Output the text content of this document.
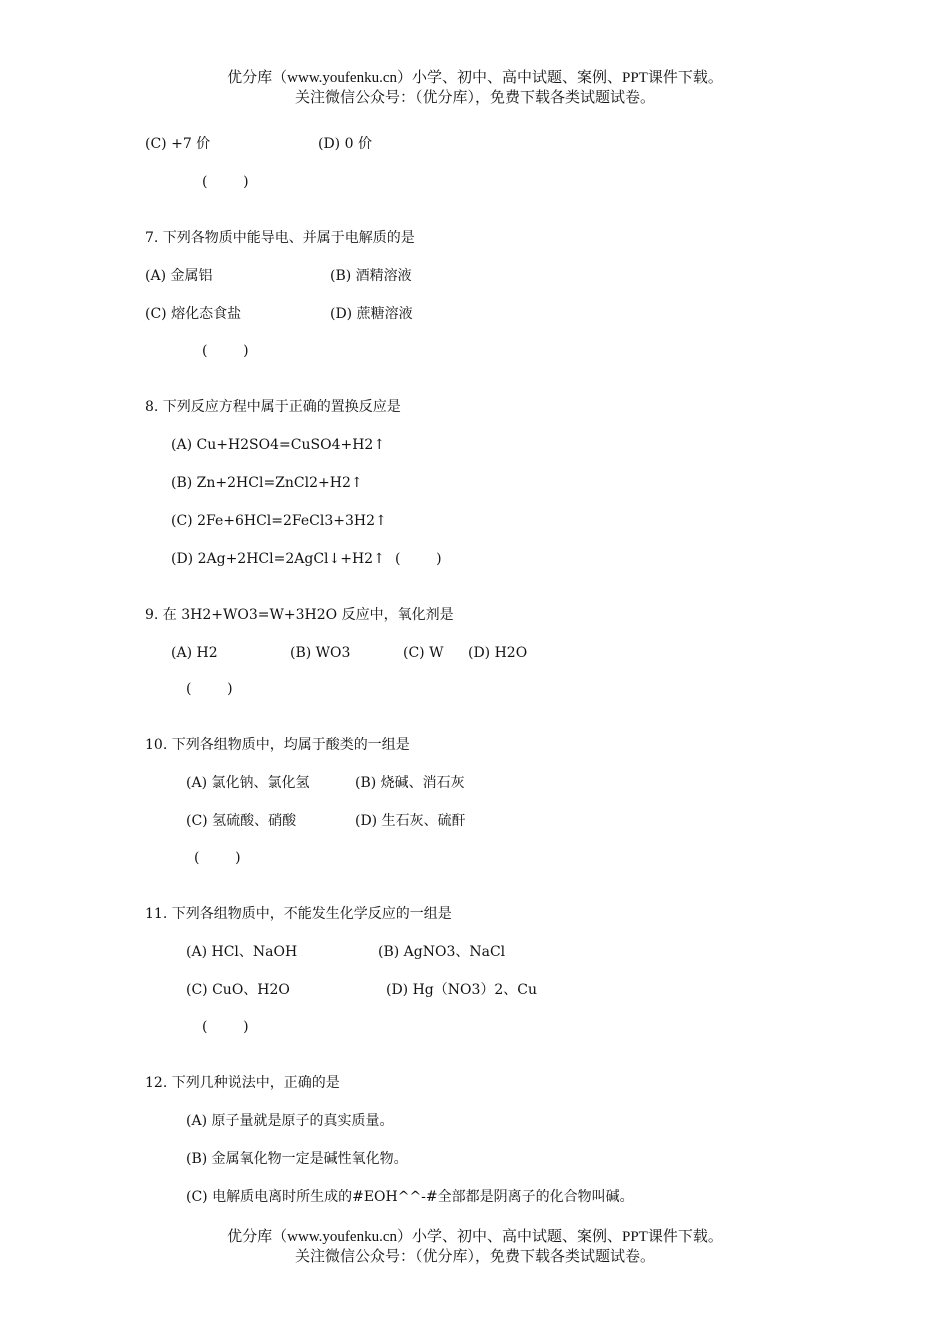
优分库（www.youfenku.cn）小学、初中、高中试题、案例、PPT课件下载。
关注微信公众号：（优分库），免费下载各类试题试卷。
(C) +7 价	(D) 0 价
(        )
7. 下列各物质中能导电、并属于电解质的是
(A) 金属铝	(B) 酒精溶液
(C) 熔化态食盐	(D) 蔗糖溶液
(        )
8. 下列反应方程中属于正确的置换反应是
(A) Cu+H2SO4=CuSO4+H2↑
(B) Zn+2HCl=ZnCl2+H2↑
(C) 2Fe+6HCl=2FeCl3+3H2↑
(D) 2Ag+2HCl=2AgCl↓+H2↑ (        )
9. 在 3H2+WO3=W+3H2O 反应中，氧化剂是
(A) H2	(B) WO3	(C) W (D) H2O
(        )
10. 下列各组物质中，均属于酸类的一组是
(A) 氯化钠、氯化氢	(B) 烧碱、消石灰
(C) 氢硫酸、硝酸	(D) 生石灰、硫酐
(        )
11. 下列各组物质中，不能发生化学反应的一组是
(A) HCl、NaOH	(B) AgNO3、NaCl
(C) CuO、H2O	(D) Hg（NO3）2、Cu
(        )
12. 下列几种说法中，正确的是
(A) 原子量就是原子的真实质量。
(B) 金属氧化物一定是碱性氧化物。
(C) 电解质电离时所生成的#EOH^^-#全部都是阴离子的化合物叫碱。
优分库（www.youfenku.cn）小学、初中、高中试题、案例、PPT课件下载。
关注微信公众号：（优分库），免费下载各类试题试卷。
